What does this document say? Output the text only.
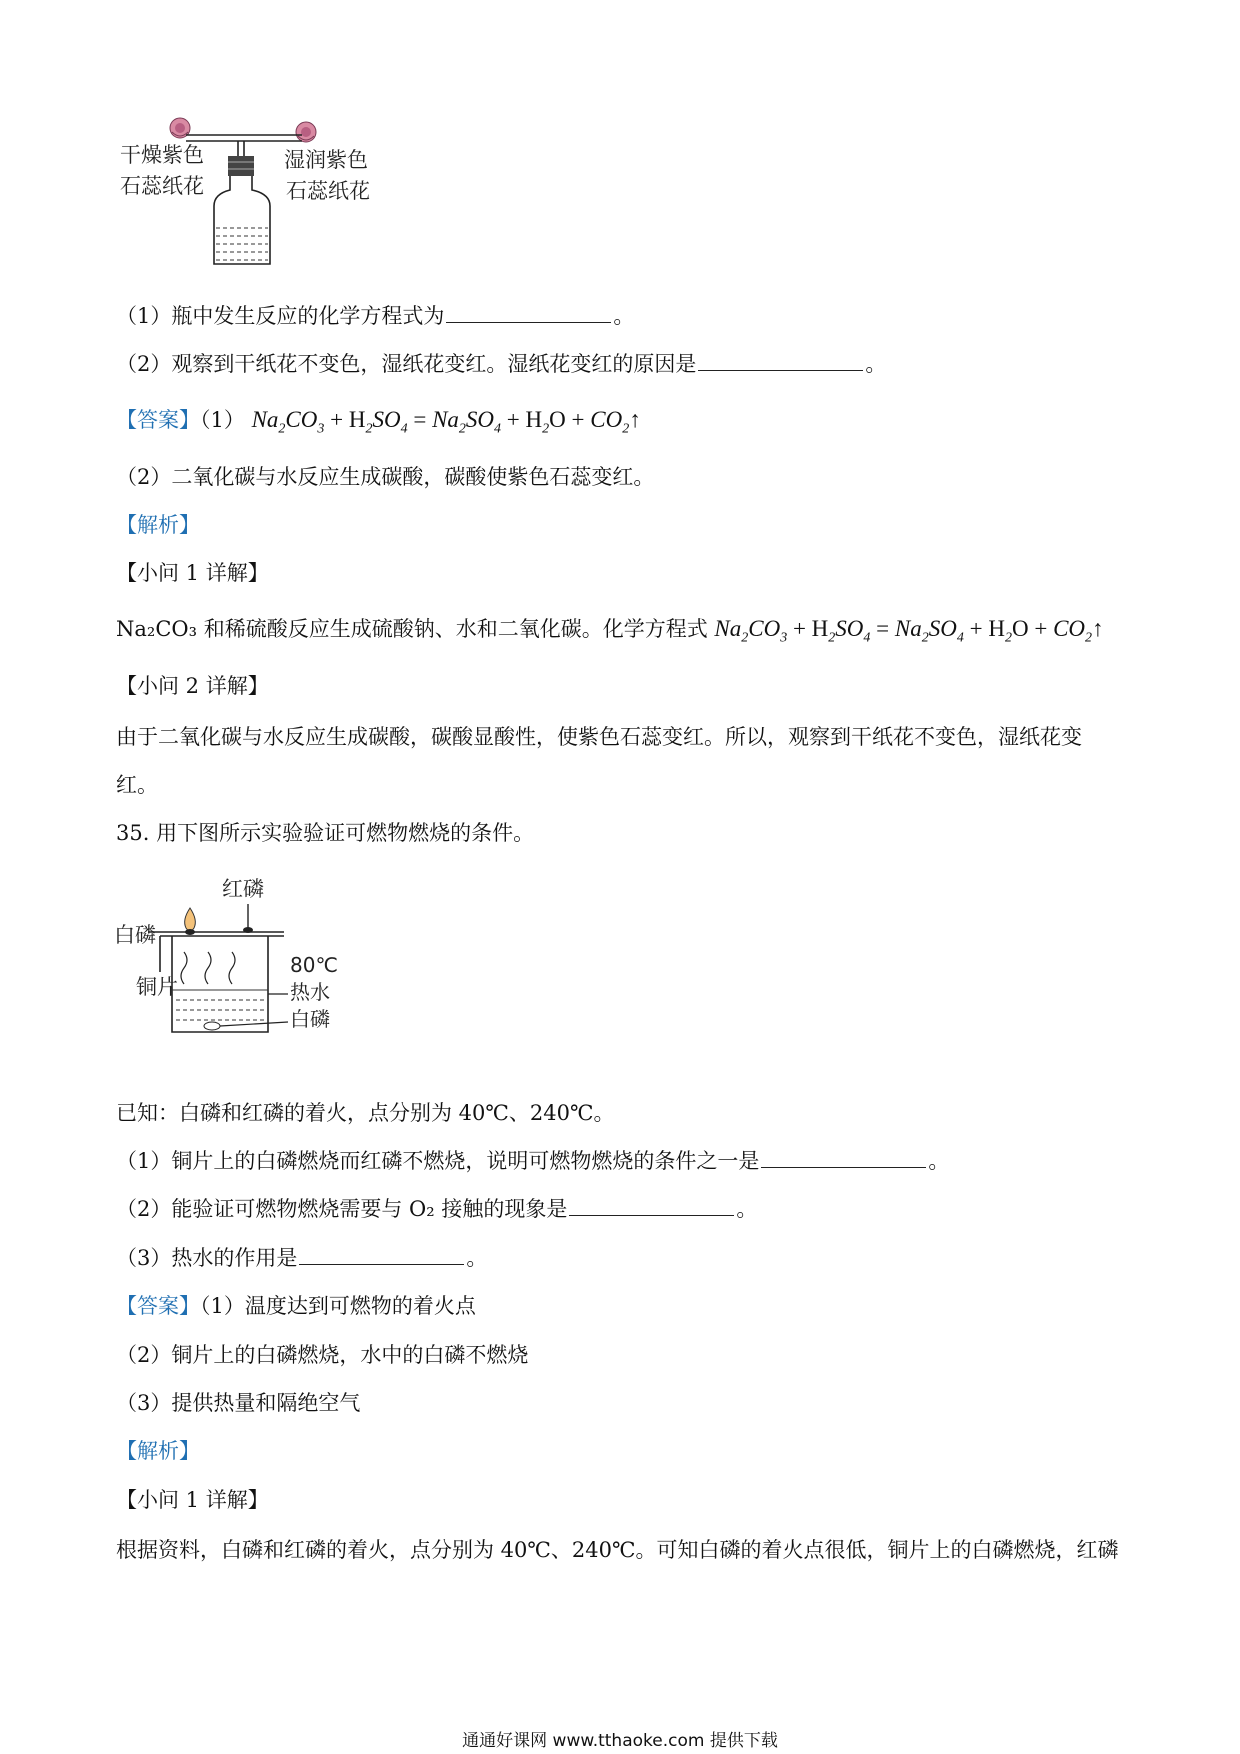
干燥紫色
石蕊纸花
湿润紫色
石蕊纸花
（1）瓶中发生反应的化学方程式为	。
（2）观察到干纸花不变色，湿纸花变红。湿纸花变红的原因是	。
【答案】（1） $Na_2CO_3 + H_2SO_4 = Na_2SO_4 + H_2O$ + $CO_2↑$
（2）二氧化碳与水反应生成碳酸，碳酸使紫色石蕊变红。
【解析】
【小问 1 详解】
Na₂CO₃ 和稀硫酸反应生成硫酸钠、水和二氧化碳。化学方程式 $Na_2CO_3 + H_2SO_4 = Na_2SO_4 + H_2O$ + $CO_2↑$
【小问 2 详解】
由于二氧化碳与水反应生成碳酸，碳酸显酸性，使紫色石蕊变红。所以，观察到干纸花不变色，湿纸花变
红。
35. 用下图所示实验验证可燃物燃烧的条件。
红磷
白磷
铜片
80℃
热水
白磷
已知：白磷和红磷的着火，点分别为 40℃、240℃。
（1）铜片上的白磷燃烧而红磷不燃烧，说明可燃物燃烧的条件之一是	。
（2）能验证可燃物燃烧需要与 O₂ 接触的现象是	。
（3）热水的作用是	。
【答案】（1）温度达到可燃物的着火点
（2）铜片上的白磷燃烧，水中的白磷不燃烧
（3）提供热量和隔绝空气
【解析】
【小问 1 详解】
根据资料，白磷和红磷的着火，点分别为 40℃、240℃。可知白磷的着火点很低，铜片上的白磷燃烧，红磷
通通好课网 www.tthaoke.com 提供下载
